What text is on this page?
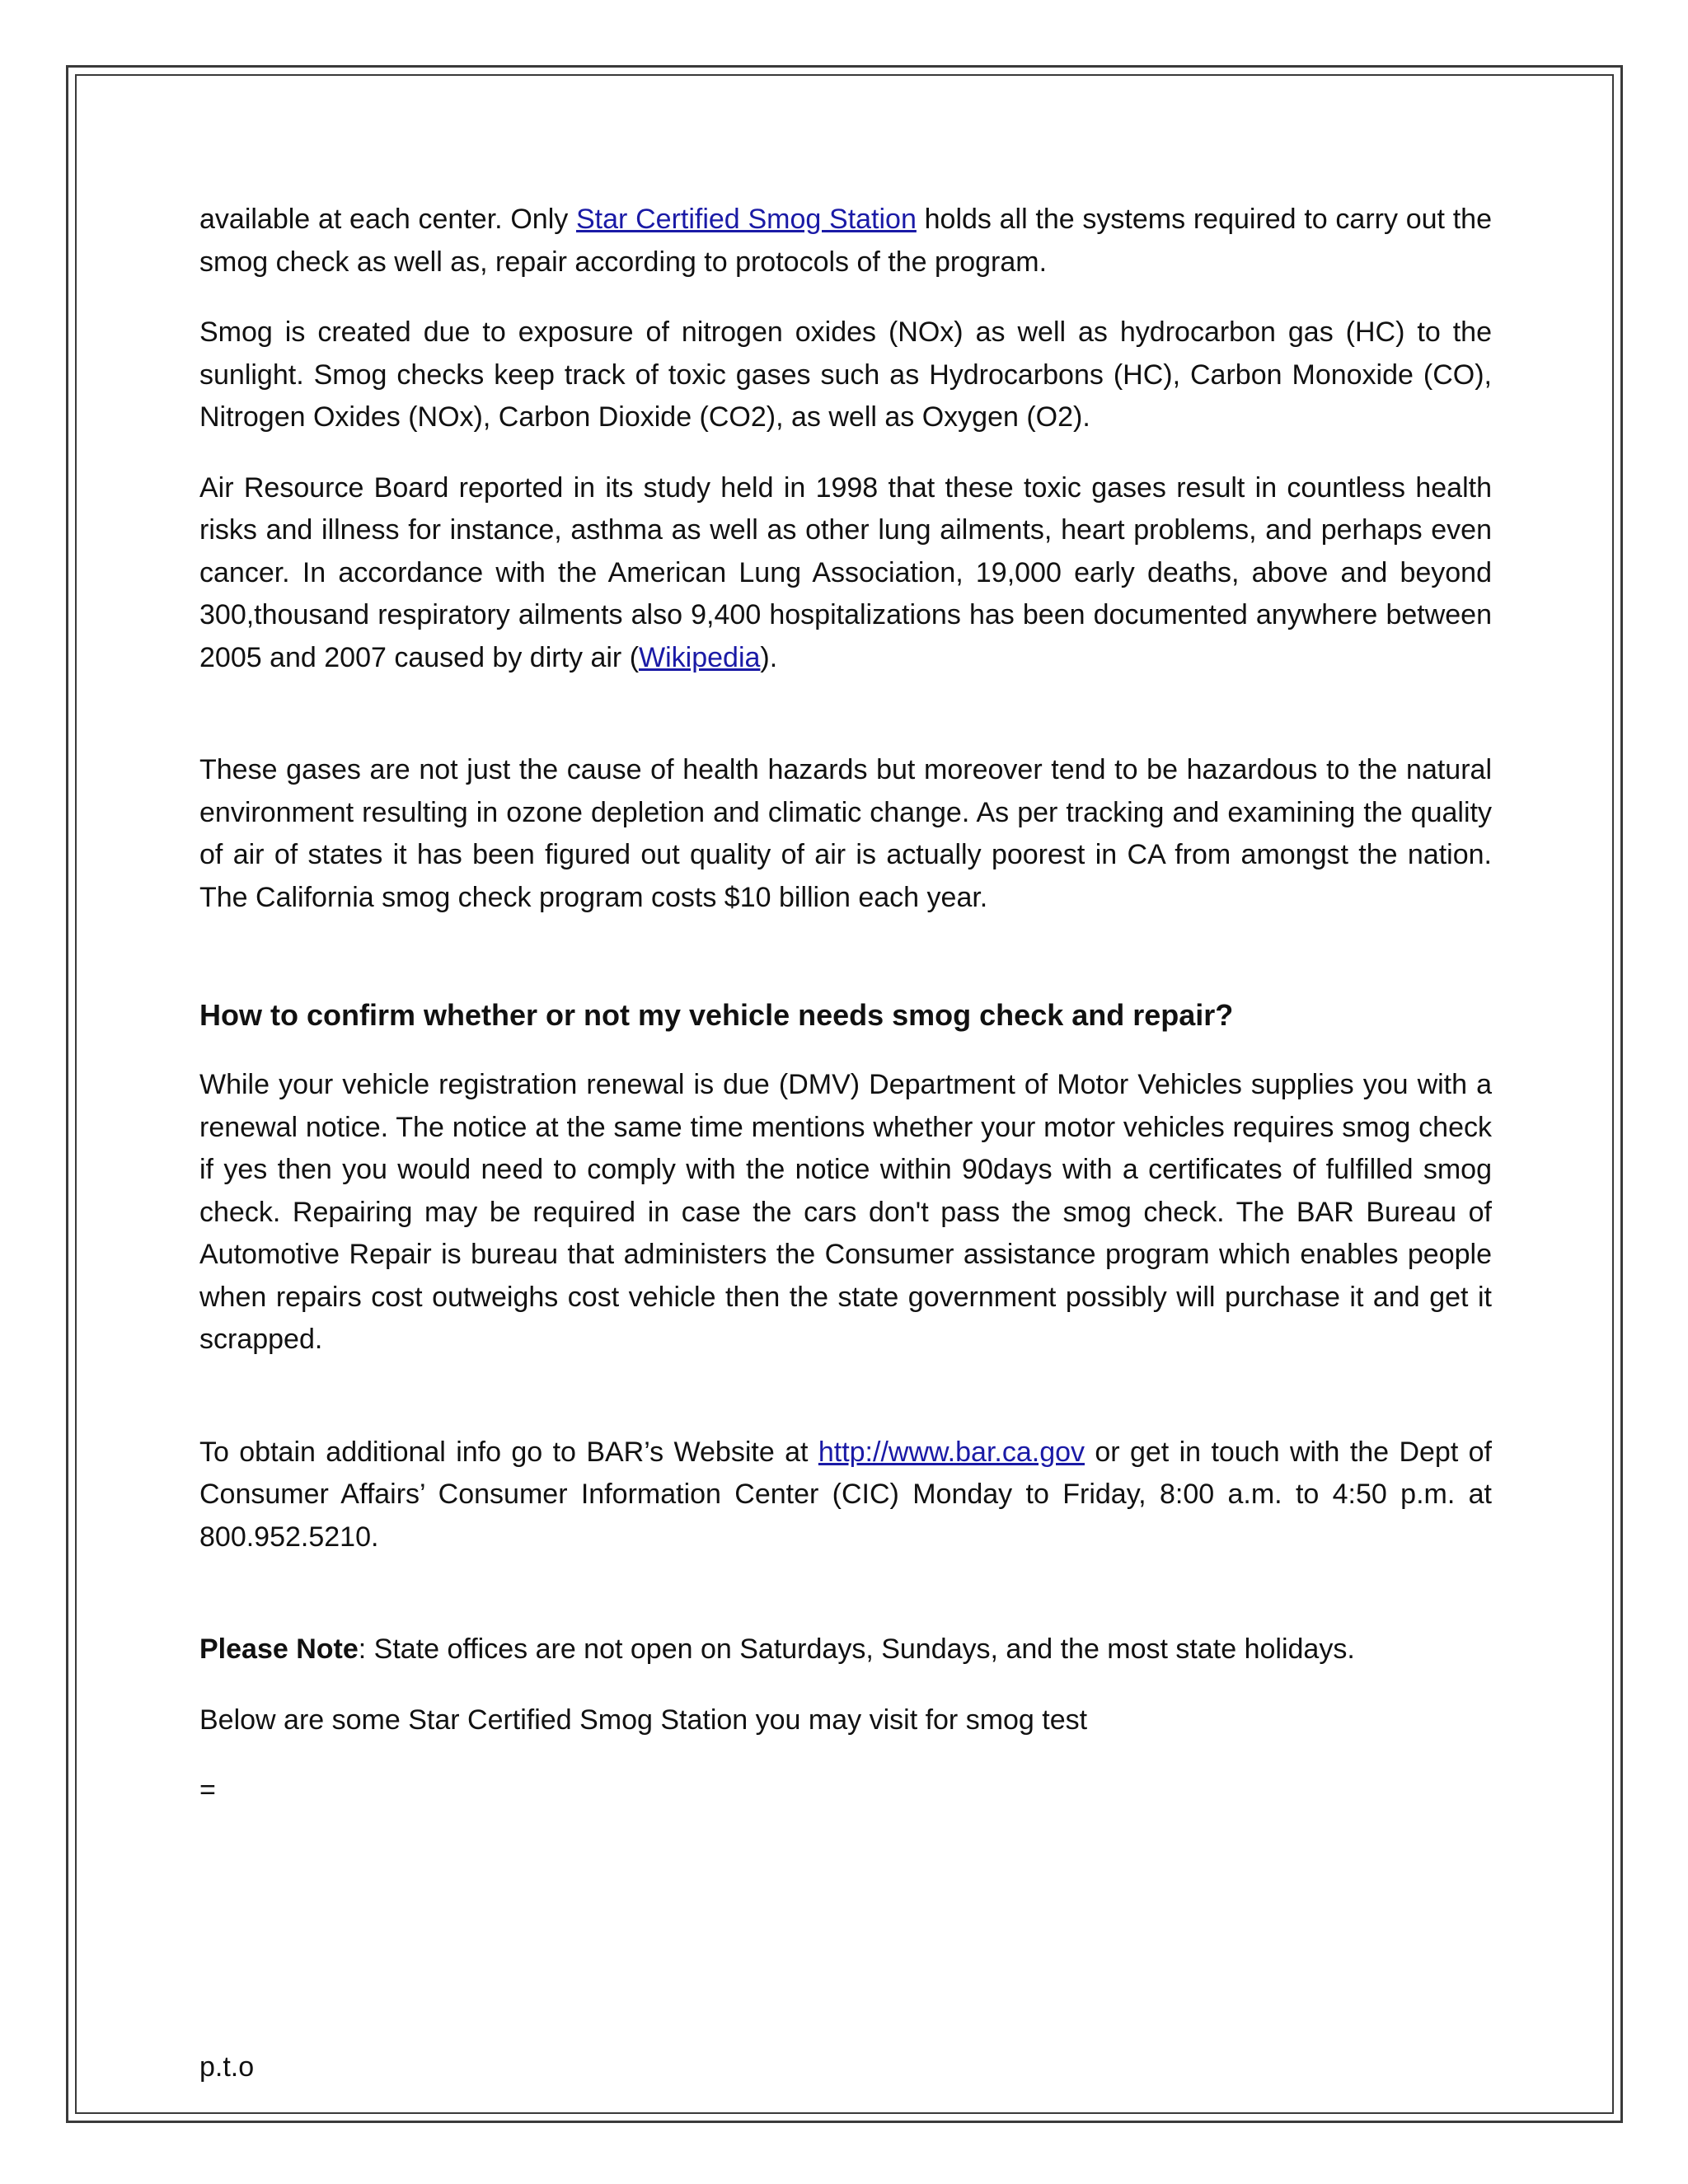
available at each center. Only Star Certified Smog Station holds all the systems required to carry out the smog check as well as, repair according to protocols of the program.

Smog is created due to exposure of nitrogen oxides (NOx) as well as hydrocarbon gas (HC) to the sunlight. Smog checks keep track of toxic gases such as Hydrocarbons (HC), Carbon Monoxide (CO), Nitrogen Oxides (NOx), Carbon Dioxide (CO2), as well as Oxygen (O2).

Air Resource Board reported in its study held in 1998 that these toxic gases result in countless health risks and illness for instance, asthma as well as other lung ailments, heart problems, and perhaps even cancer. In accordance with the American Lung Association, 19,000 early deaths, above and beyond 300,thousand respiratory ailments also 9,400 hospitalizations has been documented anywhere between 2005 and 2007 caused by dirty air (Wikipedia).

These gases are not just the cause of health hazards but moreover tend to be hazardous to the natural environment resulting in ozone depletion and climatic change. As per tracking and examining the quality of air of states it has been figured out quality of air is actually poorest in CA from amongst the nation. The California smog check program costs $10 billion each year.

How to confirm whether or not my vehicle needs smog check and repair?

While your vehicle registration renewal is due (DMV) Department of Motor Vehicles supplies you with a renewal notice. The notice at the same time mentions whether your motor vehicles requires smog check if yes then you would need to comply with the notice within 90days with a certificates of fulfilled smog check. Repairing may be required in case the cars don't pass the smog check. The BAR Bureau of Automotive Repair is bureau that administers the Consumer assistance program which enables people when repairs cost outweighs cost vehicle then the state government possibly will purchase it and get it scrapped.

To obtain additional info go to BAR’s Website at http://www.bar.ca.gov or get in touch with the Dept of Consumer Affairs’ Consumer Information Center (CIC) Monday to Friday, 8:00 a.m. to 4:50 p.m. at 800.952.5210.

Please Note: State offices are not open on Saturdays, Sundays, and the most state holidays.

Below are some Star Certified Smog Station you may visit for smog test

=

p.t.o
